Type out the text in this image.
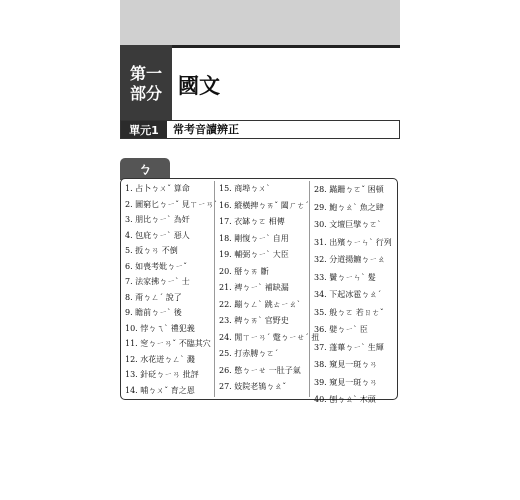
第一
部分 國文
單元1	常考音讀辨正
ㄅ
1. 占卜ㄅㄨˇ 算命
2. 圖窮匕ㄅㄧˇ 見ㄒㄧㄢˋ
3. 朋比ㄅㄧˋ 為奸
4. 包庇ㄅㄧˋ 惡人
5. 扳ㄅㄢ 不倒
6. 如喪考妣ㄅㄧˇ
7. 法家拂ㄅㄧˋ 士
8. 甭ㄅㄥˊ 說了
9. 瞻前ㄅㄧˋ 後
10. 悖ㄅㄟˋ 禮犯義
11. 窆ㄅㄧㄢˇ 不臨其穴
12. 水花迸ㄅㄥˋ 濺
13. 針砭ㄅㄧㄢ 批評
14. 哺ㄅㄨˇ 育之恩
15. 商埠ㄅㄨˋ
16. 縱橫捭ㄅㄞˇ 闔ㄏㄜˊ
17. 衣缽ㄅㄛ 相傳
18. 剛愎ㄅㄧˋ 自用
19. 輔弼ㄅㄧˋ 大臣
20. 掰ㄅㄞ 斷
21. 裨ㄅㄧˋ 補缺漏
22. 蹦ㄅㄥˋ 跳ㄊㄧㄠˋ
23. 稗ㄅㄞˋ 官野史
24. 閒ㄒㄧㄢˊ 蹩ㄅㄧㄝˊ 扭
25. 打赤膊ㄅㄛˊ
26. 憋ㄅㄧㄝ 一肚子氣
27. 妓院老鴇ㄅㄠˇ
28. 蹣跚ㄅㄛˇ 困頓
29. 鮑ㄅㄠˋ 魚之肆
30. 文壇巨擘ㄅㄛˋ
31. 出殯ㄅㄧㄣˋ 行列
32. 分道揚鑣ㄅㄧㄠ
33. 鬢ㄅㄧㄣˋ 髮
34. 下起冰雹ㄅㄠˊ
35. 般ㄅㄛ 若ㄖㄜˇ
36. 嬖ㄅㄧˋ 臣
37. 蓬蓽ㄅㄧˋ 生輝
38. 窺見一斑ㄅㄢ
39. 窺見一斑ㄅㄢ
40. 刨ㄅㄠˋ 木頭
